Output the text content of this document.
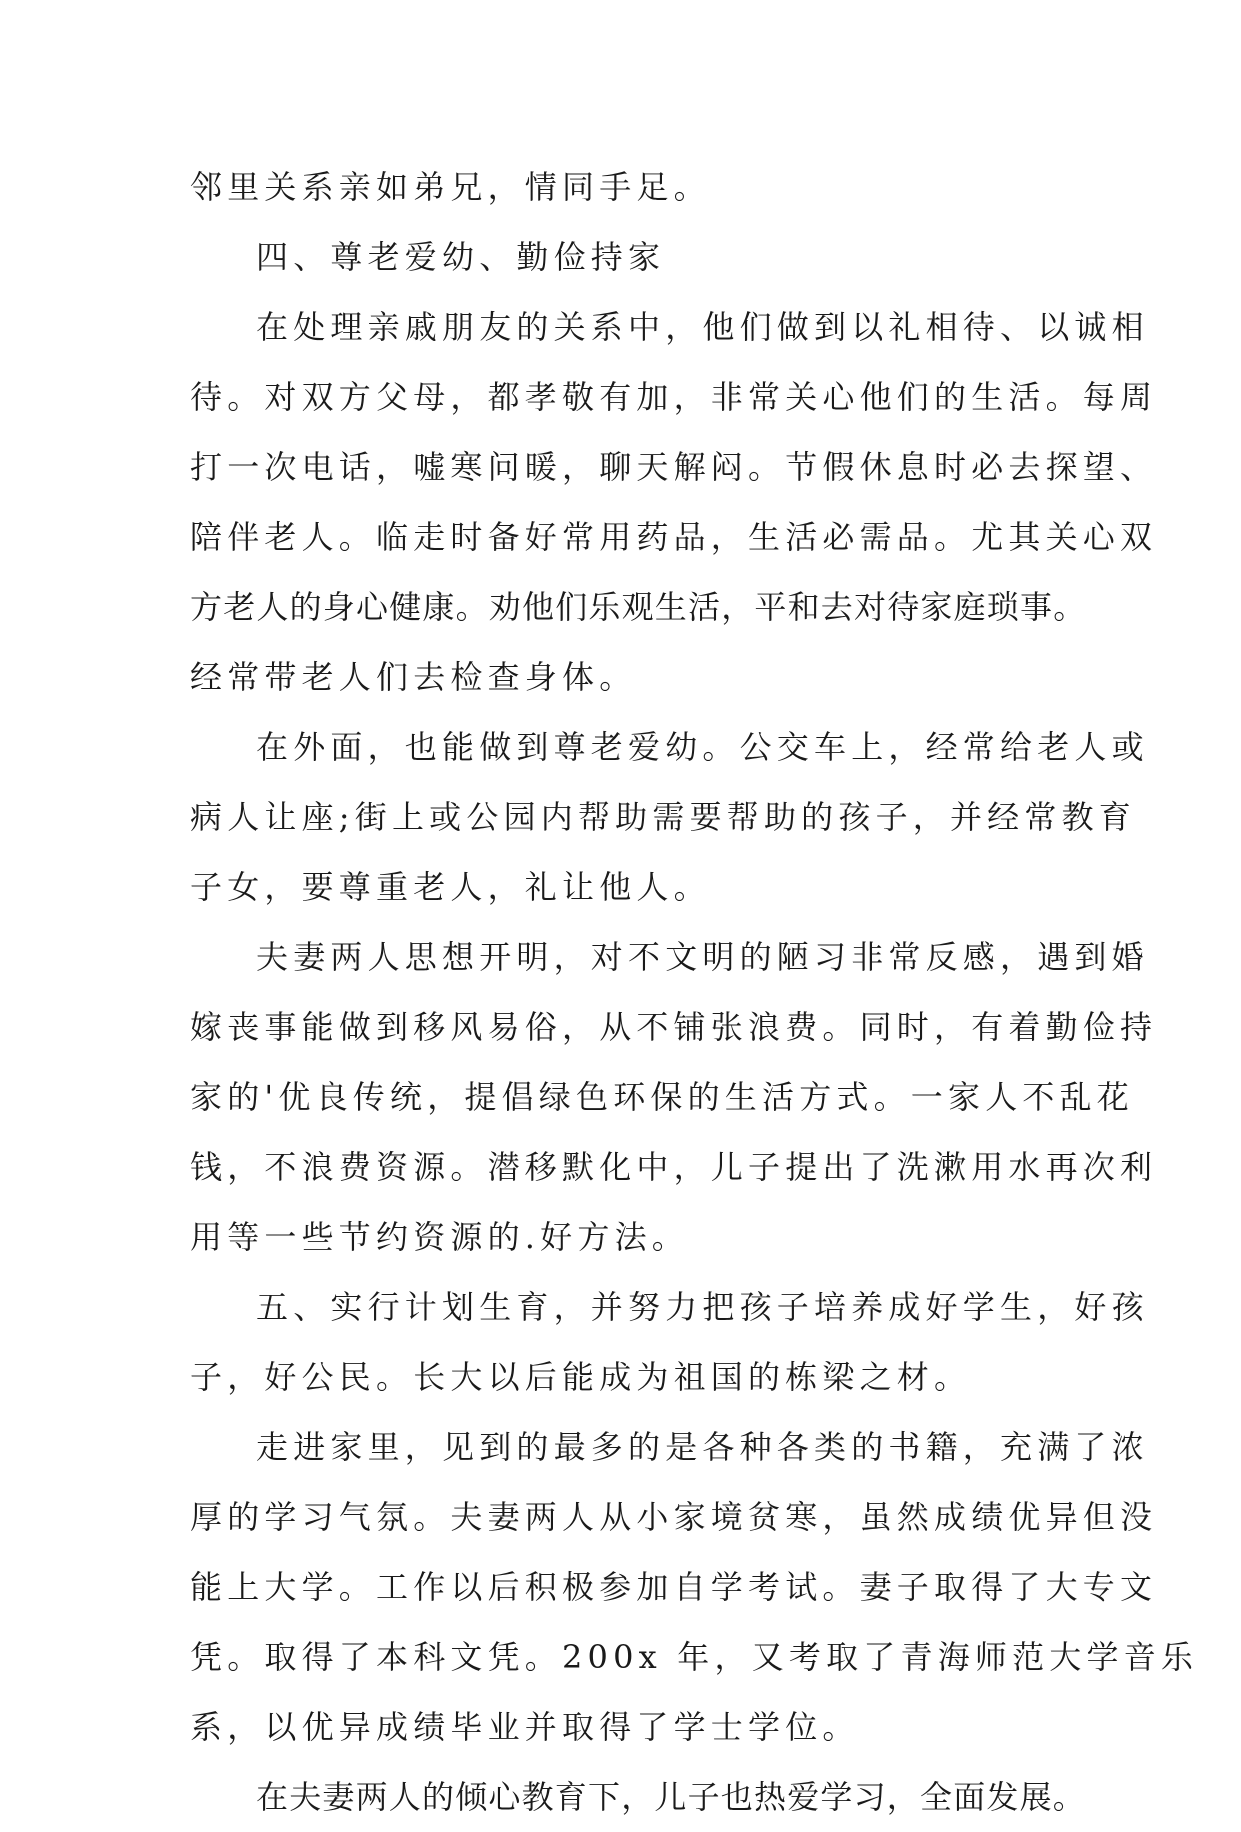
邻里关系亲如弟兄，情同手足。
四、尊老爱幼、勤俭持家
在处理亲戚朋友的关系中，他们做到以礼相待、以诚相
待。对双方父母，都孝敬有加，非常关心他们的生活。每周
打一次电话，嘘寒问暖，聊天解闷。节假休息时必去探望、
陪伴老人。临走时备好常用药品，生活必需品。尤其关心双
方老人的身心健康。劝他们乐观生活，平和去对待家庭琐事。
经常带老人们去检查身体。
在外面，也能做到尊老爱幼。公交车上，经常给老人或
病人让座;街上或公园内帮助需要帮助的孩子，并经常教育
子女，要尊重老人，礼让他人。
夫妻两人思想开明，对不文明的陋习非常反感，遇到婚
嫁丧事能做到移风易俗，从不铺张浪费。同时，有着勤俭持
家的'优良传统，提倡绿色环保的生活方式。一家人不乱花
钱，不浪费资源。潜移默化中，儿子提出了洗漱用水再次利
用等一些节约资源的.好方法。
五、实行计划生育，并努力把孩子培养成好学生，好孩
子，好公民。长大以后能成为祖国的栋梁之材。
走进家里，见到的最多的是各种各类的书籍，充满了浓
厚的学习气氛。夫妻两人从小家境贫寒，虽然成绩优异但没
能上大学。工作以后积极参加自学考试。妻子取得了大专文
凭。取得了本科文凭。200x 年，又考取了青海师范大学音乐
系，以优异成绩毕业并取得了学士学位。
在夫妻两人的倾心教育下，儿子也热爱学习，全面发展。
